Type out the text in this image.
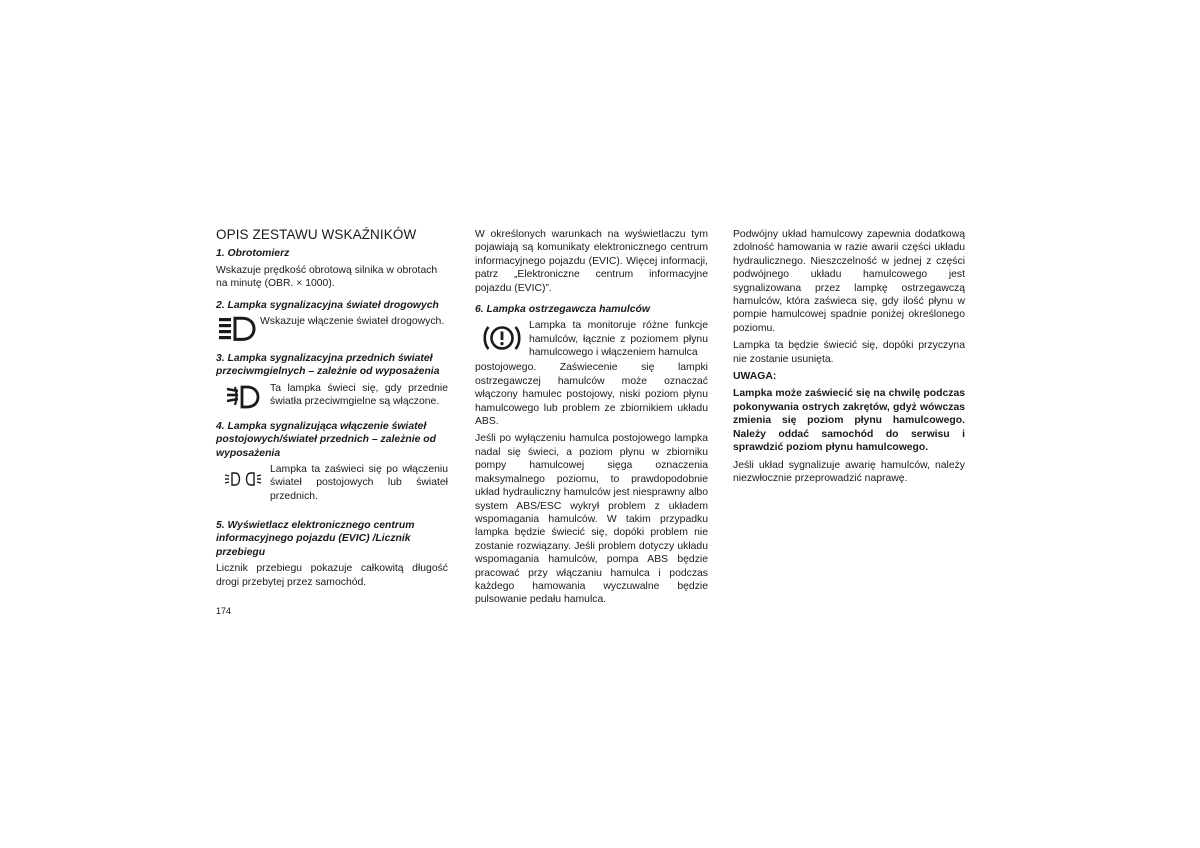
OPIS ZESTAWU WSKAŹNIKÓW
1. Obrotomierz

Wskazuje prędkość obrotową silnika w obrotach na minutę (OBR. × 1000).

2. Lampka sygnalizacyjna świateł drogowych
Wskazuje włączenie świateł drogowych.
3. Lampka sygnalizacyjna przednich świateł przeciwmgielnych – zależnie od wyposażenia
Ta lampka świeci się, gdy przednie światła przeciwmgielne są włączone.
4. Lampka sygnalizująca włączenie świateł postojowych/świateł przednich – zależnie od wyposażenia
Lampka ta zaświeci się po włączeniu świateł postojowych lub świateł przednich.
5. Wyświetlacz elektronicznego centrum informacyjnego pojazdu (EVIC) /Licznik przebiegu

Licznik przebiegu pokazuje całkowitą długość drogi przebytej przez samochód.

W określonych warunkach na wyświetlaczu tym pojawiają są komunikaty elektronicznego centrum informacyjnego pojazdu (EVIC). Więcej informacji, patrz „Elektroniczne centrum informacyjne pojazdu (EVIC)”.

6. Lampka ostrzegawcza hamulców
Lampka ta monitoruje różne funkcje hamulców, łącznie z poziomem płynu hamulcowego i włączeniem hamulca

postojowego. Zaświecenie się lampki ostrzegawczej hamulców może oznaczać włączony hamulec postojowy, niski poziom płynu hamulcowego lub problem ze zbiornikiem układu ABS.

Jeśli po wyłączeniu hamulca postojowego lampka nadal się świeci, a poziom płynu w zbiorniku pompy hamulcowej sięga oznaczenia maksymalnego poziomu, to prawdopodobnie układ hydrauliczny hamulców jest niesprawny albo system ABS/ESC wykrył problem z układem wspomagania hamulców. W takim przypadku lampka będzie świecić się, dopóki problem nie zostanie rozwiązany. Jeśli problem dotyczy układu wspomagania hamulców, pompa ABS będzie pracować przy włączaniu hamulca i podczas każdego hamowania wyczuwalne będzie pulsowanie pedału hamulca.

Podwójny układ hamulcowy zapewnia dodatkową zdolność hamowania w razie awarii części układu hydraulicznego. Nieszczelność w jednej z części podwójnego układu hamulcowego jest sygnalizowana przez lampkę ostrzegawczą hamulców, która zaświeca się, gdy ilość płynu w pompie hamulcowej spadnie poniżej określonego poziomu.

Lampka ta będzie świecić się, dopóki przyczyna nie zostanie usunięta.

UWAGA:

Lampka może zaświecić się na chwilę podczas pokonywania ostrych zakrętów, gdyż wówczas zmienia się poziom płynu hamulcowego. Należy oddać samochód do serwisu i sprawdzić poziom płynu hamulcowego.

Jeśli układ sygnalizuje awarię hamulców, należy niezwłocznie przeprowadzić naprawę.

174
